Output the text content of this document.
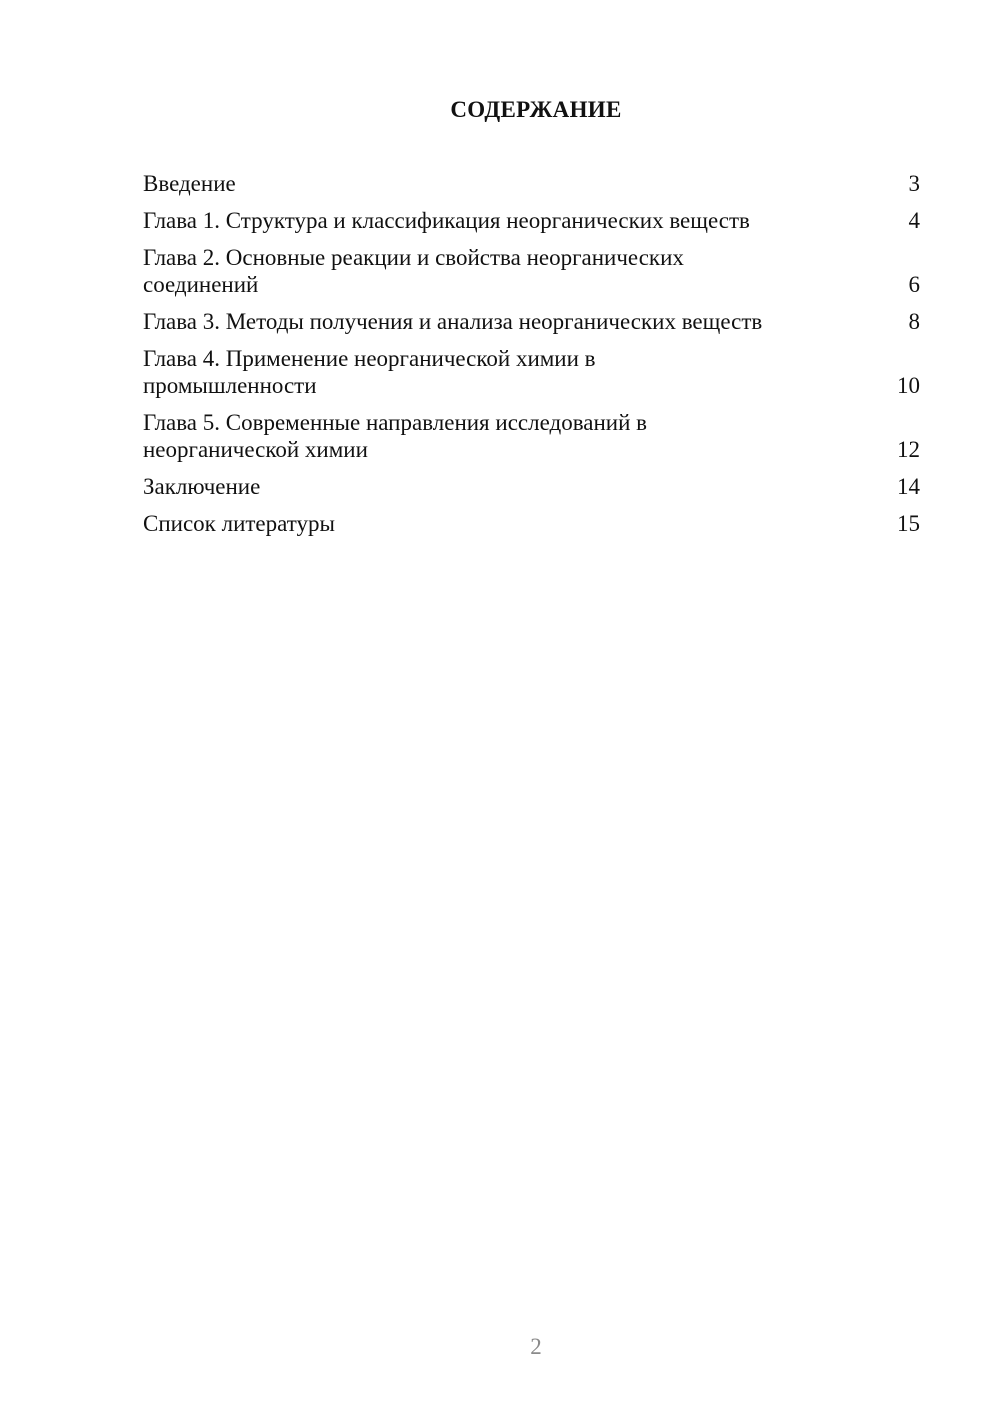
СОДЕРЖАНИЕ
Введение	3
Глава 1. Структура и классификация неорганических веществ	4
Глава 2. Основные реакции и свойства неорганических соединений	6
Глава 3. Методы получения и анализа неорганических веществ	8
Глава 4. Применение неорганической химии в промышленности	10
Глава 5. Современные направления исследований в неорганической химии	12
Заключение	14
Список литературы	15
2
